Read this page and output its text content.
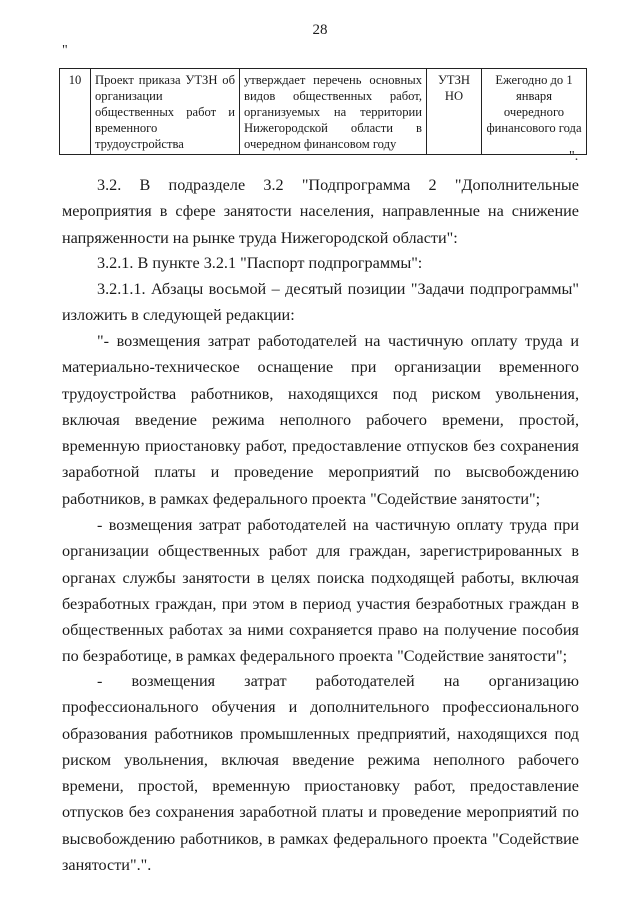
28
"
10	Проект приказа УТЗН об организации общественных работ и временного трудоустройства	утверждает перечень основных видов общественных работ, организуемых на территории Нижегородской области в очередном финансовом году	УТЗН НО	Ежегодно до 1 января очередного финансового года
".

3.2. В подразделе 3.2 "Подпрограмма 2 "Дополнительные мероприятия в сфере занятости населения, направленные на снижение напряженности на рынке труда Нижегородской области":

3.2.1. В пункте 3.2.1 "Паспорт подпрограммы":

3.2.1.1. Абзацы восьмой – десятый позиции "Задачи подпрограммы" изложить в следующей редакции:

"- возмещения затрат работодателей на частичную оплату труда и материально-техническое оснащение при организации временного трудоустройства работников, находящихся под риском увольнения, включая введение режима неполного рабочего времени, простой, временную приостановку работ, предоставление отпусков без сохранения заработной платы и проведение мероприятий по высвобождению работников, в рамках федерального проекта "Содействие занятости";

- возмещения затрат работодателей на частичную оплату труда при организации общественных работ для граждан, зарегистрированных в органах службы занятости в целях поиска подходящей работы, включая безработных граждан, при этом в период участия безработных граждан в общественных работах за ними сохраняется право на получение пособия по безработице, в рамках федерального проекта "Содействие занятости";

- возмещения затрат работодателей на организацию профессионального обучения и дополнительного профессионального образования работников промышленных предприятий, находящихся под риском увольнения, включая введение режима неполного рабочего времени, простой, временную приостановку работ, предоставление отпусков без сохранения заработной платы и проведение мероприятий по высвобождению работников, в рамках федерального проекта "Содействие занятости".".
